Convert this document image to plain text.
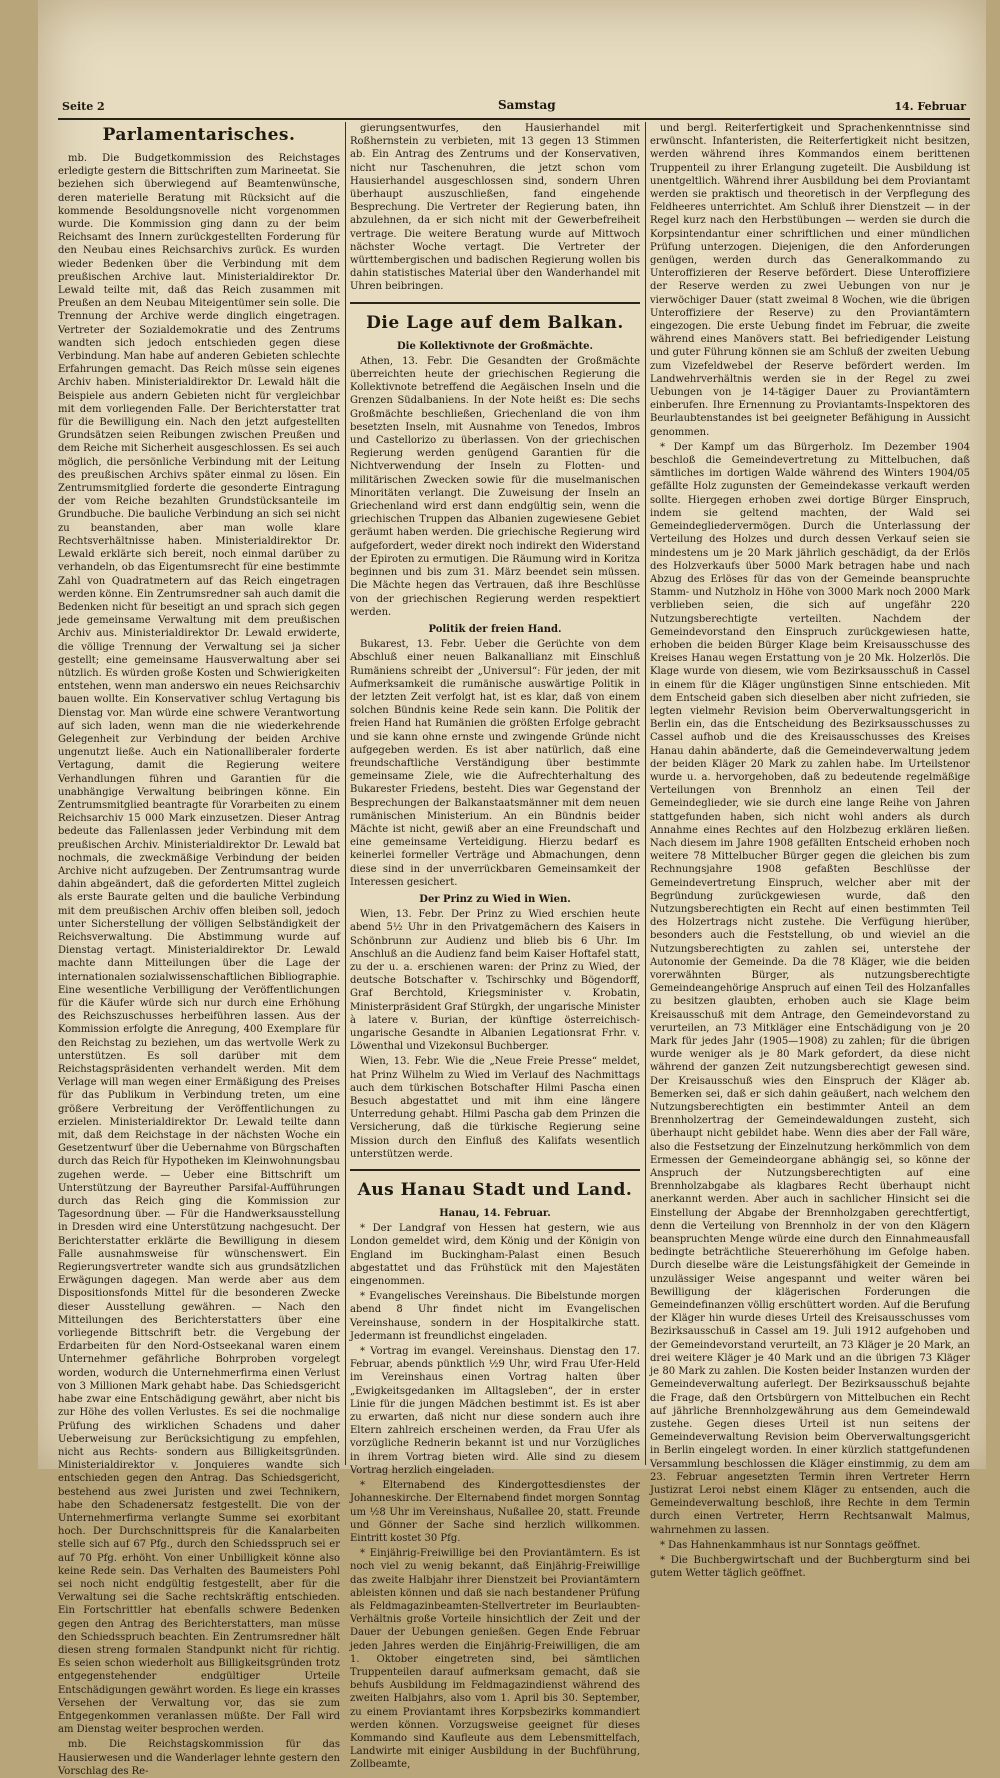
Seite 2	Samstag	14. Februar
Parlamentarisches.

mb. Die Budgetkommission des Reichstages erledigte gestern die Bittschriften zum Marineetat. Sie beziehen sich überwiegend auf Beamtenwünsche, deren materielle Beratung mit Rücksicht auf die kommende Besoldungsnovelle nicht vorgenommen wurde. Die Kommission ging dann zu der beim Reichsamt des Innern zurückgestellten Forderung für den Neubau eines Reichsarchivs zurück. Es wurden wieder Bedenken über die Verbindung mit dem preußischen Archive laut. Ministerialdirektor Dr. Lewald teilte mit, daß das Reich zusammen mit Preußen an dem Neubau Miteigentümer sein solle. Die Trennung der Archive werde dinglich eingetragen. Vertreter der Sozialdemokratie und des Zentrums wandten sich jedoch entschieden gegen diese Verbindung. Man habe auf anderen Gebieten schlechte Erfahrungen gemacht. Das Reich müsse sein eigenes Archiv haben. Ministerialdirektor Dr. Lewald hält die Beispiele aus andern Gebieten nicht für vergleichbar mit dem vorliegenden Falle. Der Berichterstatter trat für die Bewilligung ein. Nach den jetzt aufgestellten Grundsätzen seien Reibungen zwischen Preußen und dem Reiche mit Sicherheit ausgeschlossen. Es sei auch möglich, die persönliche Verbindung mit der Leitung des preußischen Archivs später einmal zu lösen. Ein Zentrumsmitglied forderte die gesonderte Eintragung der vom Reiche bezahlten Grundstücksanteile im Grundbuche. Die bauliche Verbindung an sich sei nicht zu beanstanden, aber man wolle klare Rechtsverhältnisse haben. Ministerialdirektor Dr. Lewald erklärte sich bereit, noch einmal darüber zu verhandeln, ob das Eigentumsrecht für eine bestimmte Zahl von Quadratmetern auf das Reich eingetragen werden könne. Ein Zentrumsredner sah auch damit die Bedenken nicht für beseitigt an und sprach sich gegen jede gemeinsame Verwaltung mit dem preußischen Archiv aus. Ministerialdirektor Dr. Lewald erwiderte, die völlige Trennung der Verwaltung sei ja sicher gestellt; eine gemeinsame Hausverwaltung aber sei nützlich. Es würden große Kosten und Schwierigkeiten entstehen, wenn man anderswo ein neues Reichsarchiv bauen wollte. Ein Konservativer schlug Vertagung bis Dienstag vor. Man würde eine schwere Verantwortung auf sich laden, wenn man die nie wiederkehrende Gelegenheit zur Verbindung der beiden Archive ungenutzt ließe. Auch ein Nationalliberaler forderte Vertagung, damit die Regierung weitere Verhandlungen führen und Garantien für die unabhängige Verwaltung beibringen könne. Ein Zentrumsmitglied beantragte für Vorarbeiten zu einem Reichsarchiv 15 000 Mark einzusetzen. Dieser Antrag bedeute das Fallenlassen jeder Verbindung mit dem preußischen Archiv. Ministerialdirektor Dr. Lewald bat nochmals, die zweckmäßige Verbindung der beiden Archive nicht aufzugeben. Der Zentrumsantrag wurde dahin abgeändert, daß die geforderten Mittel zugleich als erste Baurate gelten und die bauliche Verbindung mit dem preußischen Archiv offen bleiben soll, jedoch unter Sicherstellung der völligen Selbständigkeit der Reichsverwaltung. Die Abstimmung wurde auf Dienstag vertagt. Ministerialdirektor Dr. Lewald machte dann Mitteilungen über die Lage der internationalen sozialwissenschaftlichen Bibliographie. Eine wesentliche Verbilligung der Veröffentlichungen für die Käufer würde sich nur durch eine Erhöhung des Reichszuschusses herbeiführen lassen. Aus der Kommission erfolgte die Anregung, 400 Exemplare für den Reichstag zu beziehen, um das wertvolle Werk zu unterstützen. Es soll darüber mit dem Reichstagspräsidenten verhandelt werden. Mit dem Verlage will man wegen einer Ermäßigung des Preises für das Publikum in Verbindung treten, um eine größere Verbreitung der Veröffentlichungen zu erzielen. Ministerialdirektor Dr. Lewald teilte dann mit, daß dem Reichstage in der nächsten Woche ein Gesetzentwurf über die Uebernahme von Bürgschaften durch das Reich für Hypotheken im Kleinwohnungsbau zugehen werde. — Ueber eine Bittschrift um Unterstützung der Bayreuther Parsifal-Aufführungen durch das Reich ging die Kommission zur Tagesordnung über. — Für die Handwerksausstellung in Dresden wird eine Unterstützung nachgesucht. Der Berichterstatter erklärte die Bewilligung in diesem Falle ausnahmsweise für wünschenswert. Ein Regierungsvertreter wandte sich aus grundsätzlichen Erwägungen dagegen. Man werde aber aus dem Dispositionsfonds Mittel für die besonderen Zwecke dieser Ausstellung gewähren. — Nach den Mitteilungen des Berichterstatters über eine vorliegende Bittschrift betr. die Vergebung der Erdarbeiten für den Nord-Ostseekanal waren einem Unternehmer gefährliche Bohrproben vorgelegt worden, wodurch die Unternehmerfirma einen Verlust von 3 Millionen Mark gehabt habe. Das Schiedsgericht habe zwar eine Entschädigung gewährt, aber nicht bis zur Höhe des vollen Verlustes. Es sei die nochmalige Prüfung des wirklichen Schadens und daher Ueberweisung zur Berücksichtigung zu empfehlen, nicht aus Rechts- sondern aus Billigkeitsgründen. Ministerialdirektor v. Jonquieres wandte sich entschieden gegen den Antrag. Das Schiedsgericht, bestehend aus zwei Juristen und zwei Technikern, habe den Schadenersatz festgestellt. Die von der Unternehmerfirma verlangte Summe sei exorbitant hoch. Der Durchschnittspreis für die Kanalarbeiten stelle sich auf 67 Pfg., durch den Schiedsspruch sei er auf 70 Pfg. erhöht. Von einer Unbilligkeit könne also keine Rede sein. Das Verhalten des Baumeisters Pohl sei noch nicht endgültig festgestellt, aber für die Verwaltung sei die Sache rechtskräftig entschieden. Ein Fortschrittler hat ebenfalls schwere Bedenken gegen den Antrag des Berichterstatters, man müsse den Schiedsspruch beachten. Ein Zentrumsredner hält diesen streng formalen Standpunkt nicht für richtig. Es seien schon wiederholt aus Billigkeitsgründen trotz entgegenstehender endgültiger Urteile Entschädigungen gewährt worden. Es liege ein krasses Versehen der Verwaltung vor, das sie zum Entgegenkommen veranlassen müßte. Der Fall wird am Dienstag weiter besprochen werden.

mb. Die Reichstagskommission für das Hausierwesen und die Wanderlager lehnte gestern den Vorschlag des Re-

gierungsentwurfes, den Hausierhandel mit Roßhernstein zu verbieten, mit 13 gegen 13 Stimmen ab. Ein Antrag des Zentrums und der Konservativen, nicht nur Taschenuhren, die jetzt schon vom Hausierhandel ausgeschlossen sind, sondern Uhren überhaupt auszuschließen, fand eingehende Besprechung. Die Vertreter der Regierung baten, ihn abzulehnen, da er sich nicht mit der Gewerbefreiheit vertrage. Die weitere Beratung wurde auf Mittwoch nächster Woche vertagt. Die Vertreter der württembergischen und badischen Regierung wollen bis dahin statistisches Material über den Wanderhandel mit Uhren beibringen.

Die Lage auf dem Balkan.
Die Kollektivnote der Großmächte.

Athen, 13. Febr. Die Gesandten der Großmächte überreichten heute der griechischen Regierung die Kollektivnote betreffend die Aegäischen Inseln und die Grenzen Südalbaniens. In der Note heißt es: Die sechs Großmächte beschließen, Griechenland die von ihm besetzten Inseln, mit Ausnahme von Tenedos, Imbros und Castellorizo zu überlassen. Von der griechischen Regierung werden genügend Garantien für die Nichtverwendung der Inseln zu Flotten- und militärischen Zwecken sowie für die muselmanischen Minoritäten verlangt. Die Zuweisung der Inseln an Griechenland wird erst dann endgültig sein, wenn die griechischen Truppen das Albanien zugewiesene Gebiet geräumt haben werden. Die griechische Regierung wird aufgefordert, weder direkt noch indirekt den Widerstand der Epiroten zu ermutigen. Die Räumung wird in Koritza beginnen und bis zum 31. März beendet sein müssen. Die Mächte hegen das Vertrauen, daß ihre Beschlüsse von der griechischen Regierung werden respektiert werden.

Politik der freien Hand.

Bukarest, 13. Febr. Ueber die Gerüchte von dem Abschluß einer neuen Balkanallianz mit Einschluß Rumäniens schreibt der „Universul“: Für jeden, der mit Aufmerksamkeit die rumänische auswärtige Politik in der letzten Zeit verfolgt hat, ist es klar, daß von einem solchen Bündnis keine Rede sein kann. Die Politik der freien Hand hat Rumänien die größten Erfolge gebracht und sie kann ohne ernste und zwingende Gründe nicht aufgegeben werden. Es ist aber natürlich, daß eine freundschaftliche Verständigung über bestimmte gemeinsame Ziele, wie die Aufrechterhaltung des Bukarester Friedens, besteht. Dies war Gegenstand der Besprechungen der Balkanstaatsmänner mit dem neuen rumänischen Ministerium. An ein Bündnis beider Mächte ist nicht, gewiß aber an eine Freundschaft und eine gemeinsame Verteidigung. Hierzu bedarf es keinerlei formeller Verträge und Abmachungen, denn diese sind in der unverrückbaren Gemeinsamkeit der Interessen gesichert.

Der Prinz zu Wied in Wien.

Wien, 13. Febr. Der Prinz zu Wied erschien heute abend 5½ Uhr in den Privatgemächern des Kaisers in Schönbrunn zur Audienz und blieb bis 6 Uhr. Im Anschluß an die Audienz fand beim Kaiser Hoftafel statt, zu der u. a. erschienen waren: der Prinz zu Wied, der deutsche Botschafter v. Tschirschky und Bögendorff, Graf Berchtold, Kriegsminister v. Krobatin, Ministerpräsident Graf Stürgkh, der ungarische Minister à latere v. Burian, der künftige österreichisch-ungarische Gesandte in Albanien Legationsrat Frhr. v. Löwenthal und Vizekonsul Buchberger.

Wien, 13. Febr. Wie die „Neue Freie Presse“ meldet, hat Prinz Wilhelm zu Wied im Verlauf des Nachmittags auch dem türkischen Botschafter Hilmi Pascha einen Besuch abgestattet und mit ihm eine längere Unterredung gehabt. Hilmi Pascha gab dem Prinzen die Versicherung, daß die türkische Regierung seine Mission durch den Einfluß des Kalifats wesentlich unterstützen werde.

Aus Hanau Stadt und Land.
Hanau, 14. Februar.

* Der Landgraf von Hessen hat gestern, wie aus London gemeldet wird, dem König und der Königin von England im Buckingham-Palast einen Besuch abgestattet und das Frühstück mit den Majestäten eingenommen.

* Evangelisches Vereinshaus. Die Bibelstunde morgen abend 8 Uhr findet nicht im Evangelischen Vereinshause, sondern in der Hospitalkirche statt. Jedermann ist freundlichst eingeladen.

* Vortrag im evangel. Vereinshaus. Dienstag den 17. Februar, abends pünktlich ½9 Uhr, wird Frau Ufer-Held im Vereinshaus einen Vortrag halten über „Ewigkeitsgedanken im Alltagsleben“, der in erster Linie für die jungen Mädchen bestimmt ist. Es ist aber zu erwarten, daß nicht nur diese sondern auch ihre Eltern zahlreich erscheinen werden, da Frau Ufer als vorzügliche Rednerin bekannt ist und nur Vorzügliches in ihrem Vortrag bieten wird. Alle sind zu diesem Vortrag herzlich eingeladen.

* Elternabend des Kindergottesdienstes der Johanneskirche. Der Elternabend findet morgen Sonntag um ½8 Uhr im Vereinshaus, Nußallee 20, statt. Freunde und Gönner der Sache sind herzlich willkommen. Eintritt kostet 30 Pfg.

* Einjährig-Freiwillige bei den Proviantämtern. Es ist noch viel zu wenig bekannt, daß Einjährig-Freiwillige das zweite Halbjahr ihrer Dienstzeit bei Proviantämtern ableisten können und daß sie nach bestandener Prüfung als Feldmagazinbeamten-Stellvertreter im Beurlaubten-Verhältnis große Vorteile hinsichtlich der Zeit und der Dauer der Uebungen genießen. Gegen Ende Februar jeden Jahres werden die Einjährig-Freiwilligen, die am 1. Oktober eingetreten sind, bei sämtlichen Truppenteilen darauf aufmerksam gemacht, daß sie behufs Ausbildung im Feldmagazindienst während des zweiten Halbjahrs, also vom 1. April bis 30. September, zu einem Proviantamt ihres Korpsbezirks kommandiert werden können. Vorzugsweise geeignet für dieses Kommando sind Kaufleute aus dem Lebensmittelfach, Landwirte mit einiger Ausbildung in der Buchführung, Zollbeamte,

und bergl. Reiterfertigkeit und Sprachenkenntnisse sind erwünscht. Infanteristen, die Reiterfertigkeit nicht besitzen, werden während ihres Kommandos einem berittenen Truppenteil zu ihrer Erlangung zugeteilt. Die Ausbildung ist unentgeltlich. Während ihrer Ausbildung bei dem Proviantamt werden sie praktisch und theoretisch in der Verpflegung des Feldheeres unterrichtet. Am Schluß ihrer Dienstzeit — in der Regel kurz nach den Herbstübungen — werden sie durch die Korpsintendantur einer schriftlichen und einer mündlichen Prüfung unterzogen. Diejenigen, die den Anforderungen genügen, werden durch das Generalkommando zu Unteroffizieren der Reserve befördert. Diese Unteroffiziere der Reserve werden zu zwei Uebungen von nur je vierwöchiger Dauer (statt zweimal 8 Wochen, wie die übrigen Unteroffiziere der Reserve) zu den Proviantämtern eingezogen. Die erste Uebung findet im Februar, die zweite während eines Manövers statt. Bei befriedigender Leistung und guter Führung können sie am Schluß der zweiten Uebung zum Vizefeldwebel der Reserve befördert werden. Im Landwehrverhältnis werden sie in der Regel zu zwei Uebungen von je 14-tägiger Dauer zu Proviantämtern einberufen. Ihre Ernennung zu Proviantamts-Inspektoren des Beurlaubtenstandes ist bei geeigneter Befähigung in Aussicht genommen.

* Der Kampf um das Bürgerholz. Im Dezember 1904 beschloß die Gemeindevertretung zu Mittelbuchen, daß sämtliches im dortigen Walde während des Winters 1904/05 gefällte Holz zugunsten der Gemeindekasse verkauft werden sollte. Hiergegen erhoben zwei dortige Bürger Einspruch, indem sie geltend machten, der Wald sei Gemeindegliedervermögen. Durch die Unterlassung der Verteilung des Holzes und durch dessen Verkauf seien sie mindestens um je 20 Mark jährlich geschädigt, da der Erlös des Holzverkaufs über 5000 Mark betragen habe und nach Abzug des Erlöses für das von der Gemeinde beanspruchte Stamm- und Nutzholz in Höhe von 3000 Mark noch 2000 Mark verblieben seien, die sich auf ungefähr 220 Nutzungsberechtigte verteilten. Nachdem der Gemeindevorstand den Einspruch zurückgewiesen hatte, erhoben die beiden Bürger Klage beim Kreisausschusse des Kreises Hanau wegen Erstattung von je 20 Mk. Holzerlös. Die Klage wurde von diesem, wie vom Bezirksausschuß in Cassel in einem für die Kläger ungünstigen Sinne entschieden. Mit dem Entscheid gaben sich dieselben aber nicht zufrieden, sie legten vielmehr Revision beim Oberverwaltungsgericht in Berlin ein, das die Entscheidung des Bezirksausschusses zu Cassel aufhob und die des Kreisausschusses des Kreises Hanau dahin abänderte, daß die Gemeindeverwaltung jedem der beiden Kläger 20 Mark zu zahlen habe. Im Urteilstenor wurde u. a. hervorgehoben, daß zu bedeutende regelmäßige Verteilungen von Brennholz an einen Teil der Gemeindeglieder, wie sie durch eine lange Reihe von Jahren stattgefunden haben, sich nicht wohl anders als durch Annahme eines Rechtes auf den Holzbezug erklären ließen. Nach diesem im Jahre 1908 gefällten Entscheid erhoben noch weitere 78 Mittelbucher Bürger gegen die gleichen bis zum Rechnungsjahre 1908 gefaßten Beschlüsse der Gemeindevertretung Einspruch, welcher aber mit der Begründung zurückgewiesen wurde, daß den Nutzungsberechtigten ein Recht auf einen bestimmten Teil des Holzertrags nicht zustehe. Die Verfügung hierüber, besonders auch die Feststellung, ob und wieviel an die Nutzungsberechtigten zu zahlen sei, unterstehe der Autonomie der Gemeinde. Da die 78 Kläger, wie die beiden vorerwähnten Bürger, als nutzungsberechtigte Gemeindeangehörige Anspruch auf einen Teil des Holzanfalles zu besitzen glaubten, erhoben auch sie Klage beim Kreisausschuß mit dem Antrage, den Gemeindevorstand zu verurteilen, an 73 Mitkläger eine Entschädigung von je 20 Mark für jedes Jahr (1905—1908) zu zahlen; für die übrigen wurde weniger als je 80 Mark gefordert, da diese nicht während der ganzen Zeit nutzungsberechtigt gewesen sind. Der Kreisausschuß wies den Einspruch der Kläger ab. Bemerken sei, daß er sich dahin geäußert, nach welchem den Nutzungsberechtigten ein bestimmter Anteil an dem Brennholzertrag der Gemeindewaldungen zusteht, sich überhaupt nicht gebildet habe. Wenn dies aber der Fall wäre, also die Festsetzung der Einzelnutzung herkömmlich von dem Ermessen der Gemeindeorgane abhängig sei, so könne der Anspruch der Nutzungsberechtigten auf eine Brennholzabgabe als klagbares Recht überhaupt nicht anerkannt werden. Aber auch in sachlicher Hinsicht sei die Einstellung der Abgabe der Brennholzgaben gerechtfertigt, denn die Verteilung von Brennholz in der von den Klägern beanspruchten Menge würde eine durch den Einnahmeausfall bedingte beträchtliche Steuererhöhung im Gefolge haben. Durch dieselbe wäre die Leistungsfähigkeit der Gemeinde in unzulässiger Weise angespannt und weiter wären bei Bewilligung der klägerischen Forderungen die Gemeindefinanzen völlig erschüttert worden. Auf die Berufung der Kläger hin wurde dieses Urteil des Kreisausschusses vom Bezirksausschuß in Cassel am 19. Juli 1912 aufgehoben und der Gemeindevorstand verurteilt, an 73 Kläger je 20 Mark, an drei weitere Kläger je 40 Mark und an die übrigen 73 Kläger je 80 Mark zu zahlen. Die Kosten beider Instanzen wurden der Gemeindeverwaltung auferlegt. Der Bezirksausschuß bejahte die Frage, daß den Ortsbürgern von Mittelbuchen ein Recht auf jährliche Brennholzgewährung aus dem Gemeindewald zustehe. Gegen dieses Urteil ist nun seitens der Gemeindeverwaltung Revision beim Oberverwaltungsgericht in Berlin eingelegt worden. In einer kürzlich stattgefundenen Versammlung beschlossen die Kläger einstimmig, zu dem am 23. Februar angesetzten Termin ihren Vertreter Herrn Justizrat Leroi nebst einem Kläger zu entsenden, auch die Gemeindeverwaltung beschloß, ihre Rechte in dem Termin durch einen Vertreter, Herrn Rechtsanwalt Malmus, wahrnehmen zu lassen.

* Das Hahnenkammhaus ist nur Sonntags geöffnet.

* Die Buchbergwirtschaft und der Buchbergturm sind bei gutem Wetter täglich geöffnet.
